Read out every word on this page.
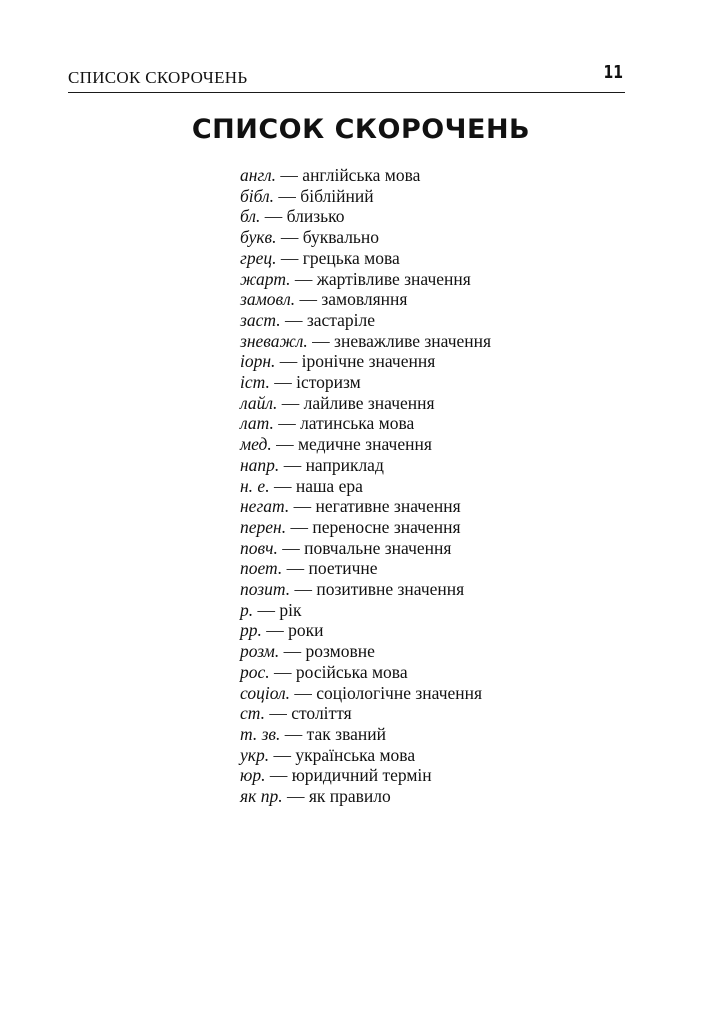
СПИСОК СКОРОЧЕНЬ	11
СПИСОК СКОРОЧЕНЬ
англ. — англійська мова
бібл. — біблійний
бл. — близько
букв. — буквально
грец. — грецька мова
жарт. — жартівливе значення
замовл. — замовляння
заст. — застаріле
зневажл. — зневажливе значення
іорн. — іронічне значення
іст. — історизм
лайл. — лайливе значення
лат. — латинська мова
мед. — медичне значення
напр. — наприклад
н. е. — наша ера
негат. — негативне значення
перен. — переносне значення
повч. — повчальне значення
поет. — поетичне
позит. — позитивне значення
р. — рік
рр. — роки
розм. — розмовне
рос. — російська мова
соціол. — соціологічне значення
ст. — століття
т. зв. — так званий
укр. — українська мова
юр. — юридичний термін
як пр. — як правило
